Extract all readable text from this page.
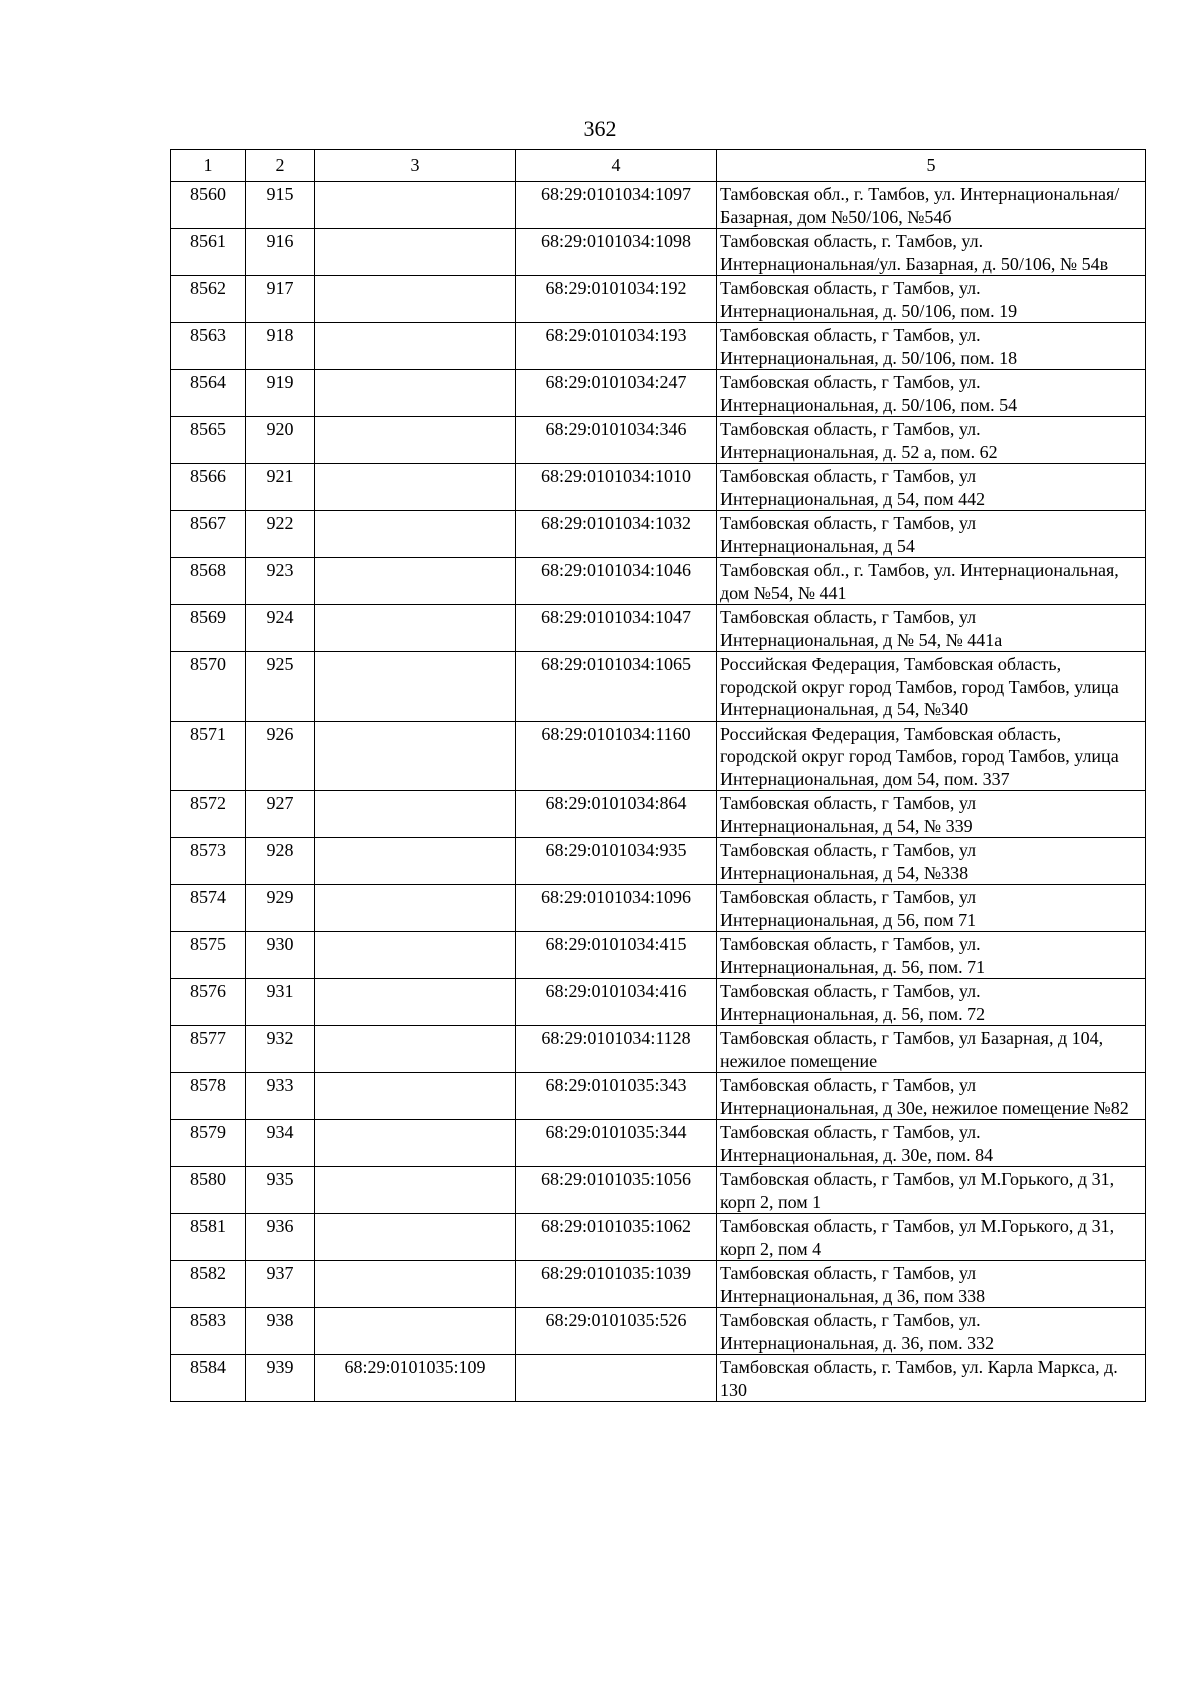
362
1	2	3	4	5
8560	915		68:29:0101034:1097	Тамбовская обл., г. Тамбов, ул. Интернациональная/Базарная, дом №50/106, №54б
8561	916		68:29:0101034:1098	Тамбовская область, г. Тамбов, ул. Интернациональная/ул. Базарная, д. 50/106, № 54в
8562	917		68:29:0101034:192	Тамбовская область, г Тамбов, ул. Интернациональная, д. 50/106, пом. 19
8563	918		68:29:0101034:193	Тамбовская область, г Тамбов, ул. Интернациональная, д. 50/106, пом. 18
8564	919		68:29:0101034:247	Тамбовская область, г Тамбов, ул. Интернациональная, д. 50/106, пом. 54
8565	920		68:29:0101034:346	Тамбовская область, г Тамбов, ул. Интернациональная, д. 52 а, пом. 62
8566	921		68:29:0101034:1010	Тамбовская область, г Тамбов, ул Интернациональная, д 54, пом 442
8567	922		68:29:0101034:1032	Тамбовская область, г Тамбов, ул Интернациональная, д 54
8568	923		68:29:0101034:1046	Тамбовская обл., г. Тамбов, ул. Интернациональная, дом №54, № 441
8569	924		68:29:0101034:1047	Тамбовская область, г Тамбов, ул Интернациональная, д № 54, № 441а
8570	925		68:29:0101034:1065	Российская Федерация, Тамбовская область, городской округ город Тамбов, город Тамбов, улица Интернациональная, д 54, №340
8571	926		68:29:0101034:1160	Российская Федерация, Тамбовская область, городской округ город Тамбов, город Тамбов, улица Интернациональная, дом 54, пом. 337
8572	927		68:29:0101034:864	Тамбовская область, г Тамбов, ул Интернациональная, д 54, № 339
8573	928		68:29:0101034:935	Тамбовская область, г Тамбов, ул Интернациональная, д 54, №338
8574	929		68:29:0101034:1096	Тамбовская область, г Тамбов, ул Интернациональная, д 56, пом 71
8575	930		68:29:0101034:415	Тамбовская область, г Тамбов, ул. Интернациональная, д. 56, пом. 71
8576	931		68:29:0101034:416	Тамбовская область, г Тамбов, ул. Интернациональная, д. 56, пом. 72
8577	932		68:29:0101034:1128	Тамбовская область, г Тамбов, ул Базарная, д 104, нежилое помещение
8578	933		68:29:0101035:343	Тамбовская область, г Тамбов, ул Интернациональная, д 30е, нежилое помещение №82
8579	934		68:29:0101035:344	Тамбовская область, г Тамбов, ул. Интернациональная, д. 30е, пом. 84
8580	935		68:29:0101035:1056	Тамбовская область, г Тамбов, ул М.Горького, д 31, корп 2, пом 1
8581	936		68:29:0101035:1062	Тамбовская область, г Тамбов, ул М.Горького, д 31, корп 2, пом 4
8582	937		68:29:0101035:1039	Тамбовская область, г Тамбов, ул Интернациональная, д 36, пом 338
8583	938		68:29:0101035:526	Тамбовская область, г Тамбов, ул. Интернациональная, д. 36, пом. 332
8584	939	68:29:0101035:109		Тамбовская область, г. Тамбов, ул. Карла Маркса, д. 130
